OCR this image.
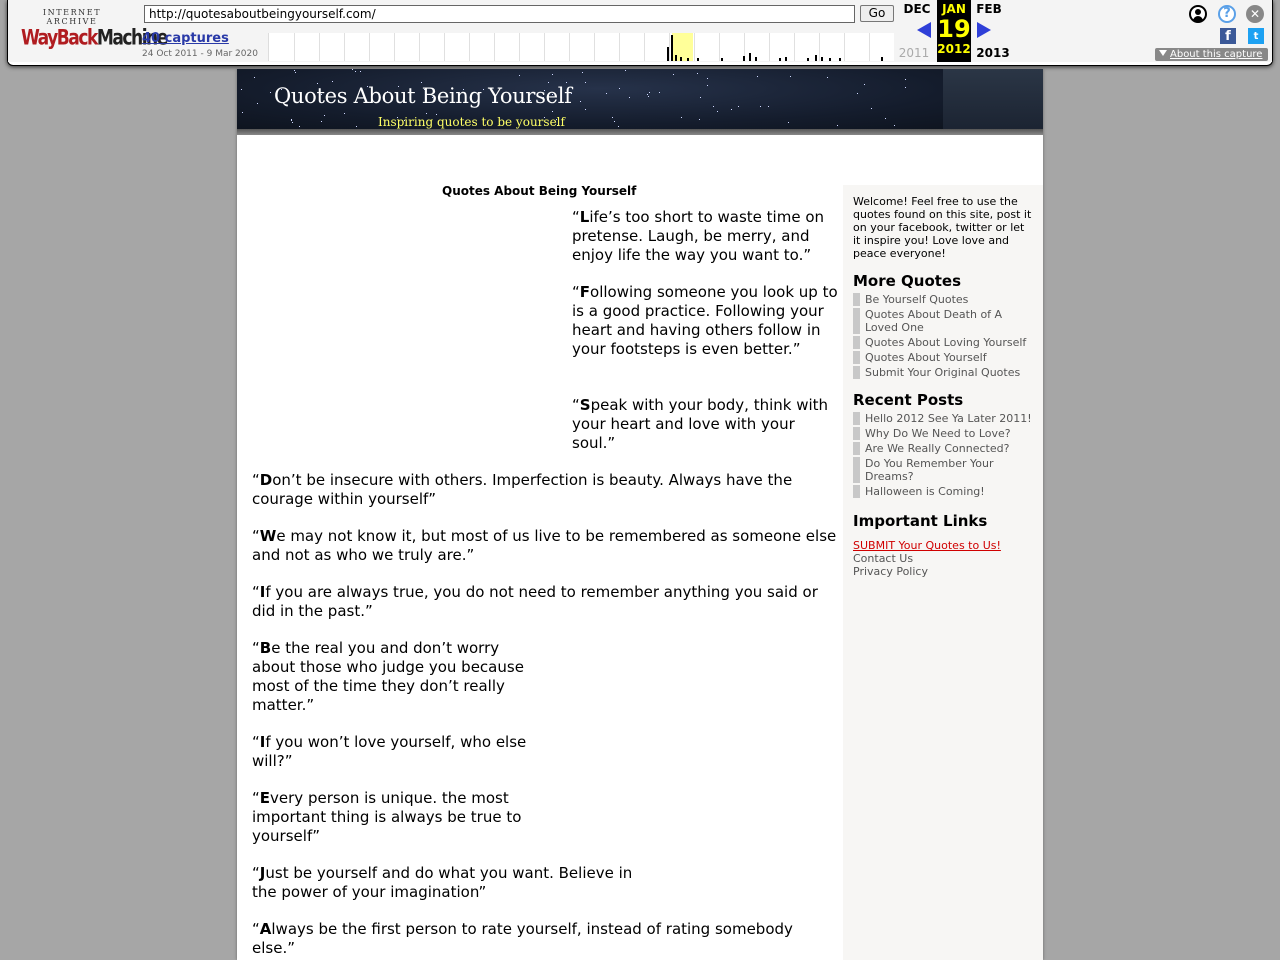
INTERNET ARCHIVE
WayBackMachine
http://quotesaboutbeingyourself.com/	Go
40 captures
24 Oct 2011 - 9 Mar 2020
DEC JAN
19
2012
FEB
2011	2013
?	✕
f	t
About this capture
Quotes About Being Yourself
Inspiring quotes to be yourself
Quotes About Being Yourself
“Life’s too short to waste time on pretense. Laugh, be merry, and enjoy life the way you want to.”
“Following someone you look up to is a good practice. Following your heart and having others follow in your footsteps is even better.”
“Speak with your body, think with your heart and love with your soul.”
“Don’t be insecure with others. Imperfection is beauty. Always have the courage within yourself”
“We may not know it, but most of us live to be remembered as someone else and not as who we truly are.”
“If you are always true, you do not need to remember anything you said or did in the past.”
“Be the real you and don’t worry about those who judge you because most of the time they don’t really matter.”
“If you won’t love yourself, who else will?”
“Every person is unique. the most important thing is always be true to yourself”
“Just be yourself and do what you want. Believe in the power of your imagination”
“Always be the first person to rate yourself, instead of rating somebody else.”
Welcome! Feel free to use the quotes found on this site, post it on your facebook, twitter or let it inspire you! Love love and peace everyone!
More Quotes
Be Yourself Quotes
Quotes About Death of A Loved One
Quotes About Loving Yourself
Quotes About Yourself
Submit Your Original Quotes
Recent Posts
Hello 2012 See Ya Later 2011!
Why Do We Need to Love?
Are We Really Connected?
Do You Remember Your Dreams?
Halloween is Coming!
Important Links
SUBMIT Your Quotes to Us!
Contact Us
Privacy Policy
